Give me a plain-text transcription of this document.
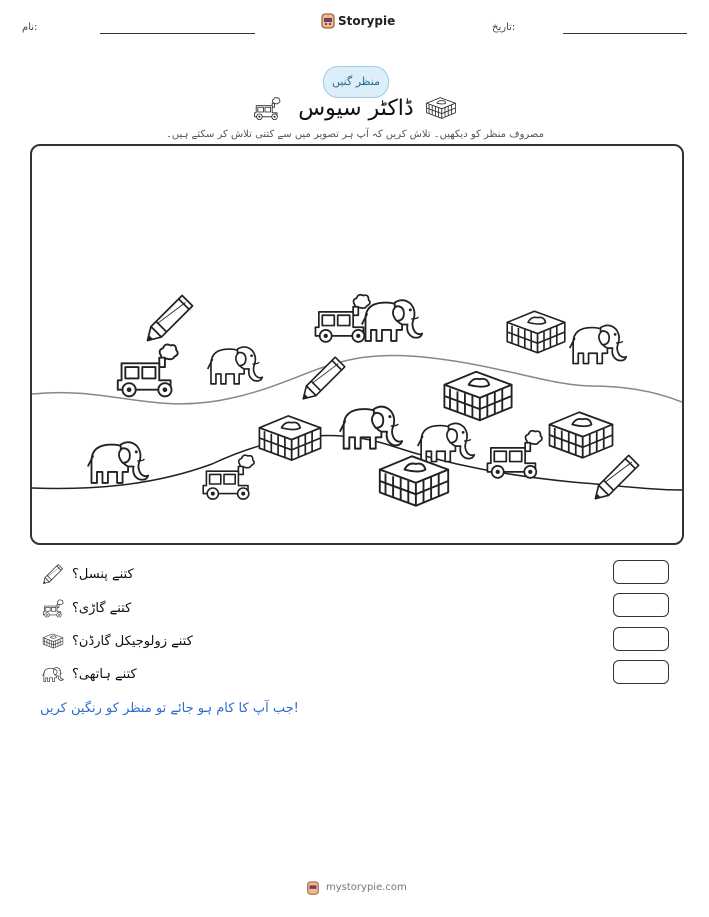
نام:	تاریخ:
Storypie
منظر گنیں
ڈاکٹر سیوس
مصروف منظر کو دیکھیں۔ تلاش کریں کہ آپ ہر تصویر میں سے کتنی تلاش کر سکتے ہیں۔
کتنے پنسل؟
کتنے گاڑی؟
کتنے زولوجیکل گارڈن؟
کتنے ہاتھی؟
جب آپ کا کام ہو جائے تو منظر کو رنگین کریں!
mystorypie.com
